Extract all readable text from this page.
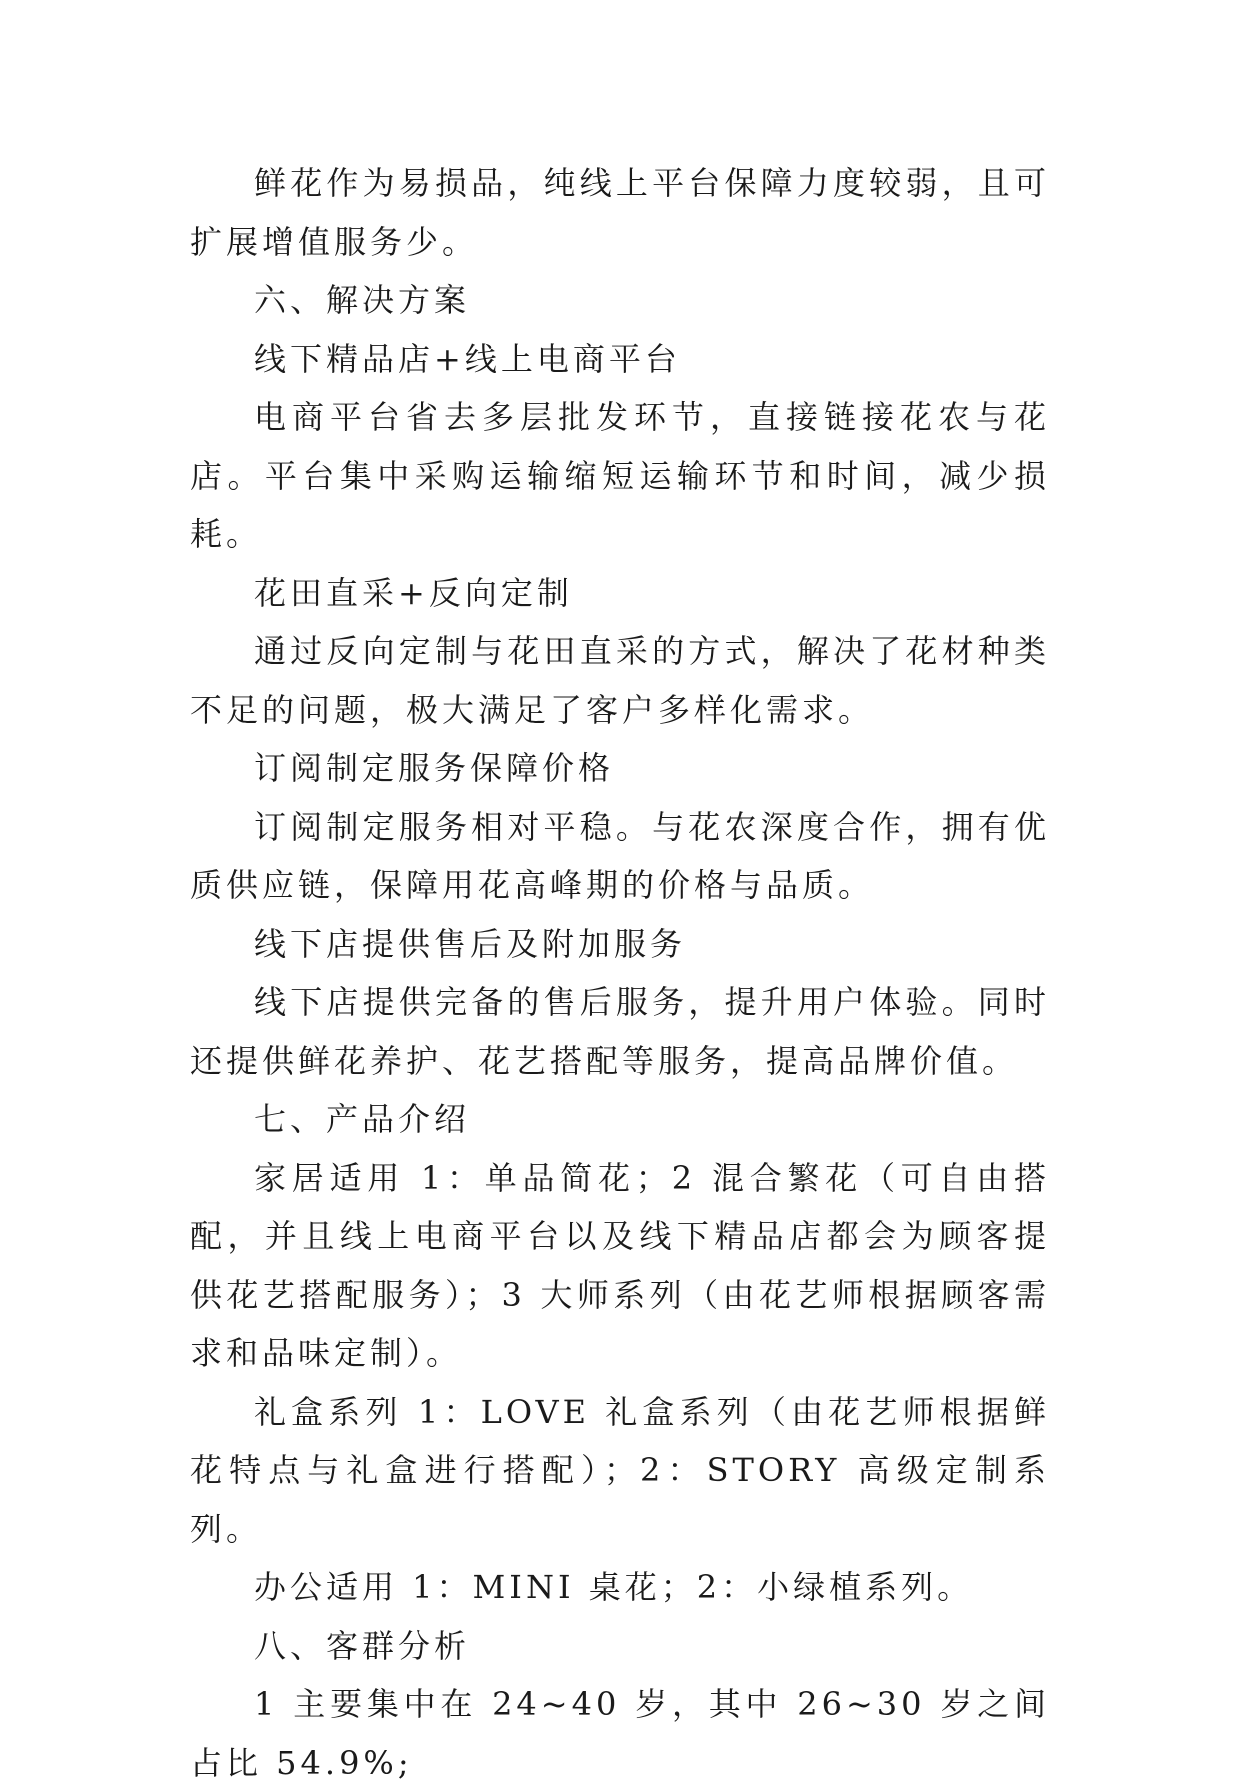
鲜花作为易损品，纯线上平台保障力度较弱，且可扩展增值服务少。

六、解决方案

线下精品店+线上电商平台

电商平台省去多层批发环节，直接链接花农与花店。平台集中采购运输缩短运输环节和时间，减少损耗。

花田直采+反向定制

通过反向定制与花田直采的方式，解决了花材种类不足的问题，极大满足了客户多样化需求。

订阅制定服务保障价格

订阅制定服务相对平稳。与花农深度合作，拥有优质供应链，保障用花高峰期的价格与品质。

线下店提供售后及附加服务

线下店提供完备的售后服务，提升用户体验。同时还提供鲜花养护、花艺搭配等服务，提高品牌价值。

七、产品介绍

家居适用 1：单品简花；2 混合繁花（可自由搭配，并且线上电商平台以及线下精品店都会为顾客提供花艺搭配服务）；3 大师系列（由花艺师根据顾客需求和品味定制）。

礼盒系列 1：LOVE 礼盒系列（由花艺师根据鲜花特点与礼盒进行搭配）；2：STORY 高级定制系列。

办公适用 1：MINI 桌花；2：小绿植系列。

八、客群分析

1 主要集中在 24~40 岁，其中 26~30 岁之间占比 54.9%;
